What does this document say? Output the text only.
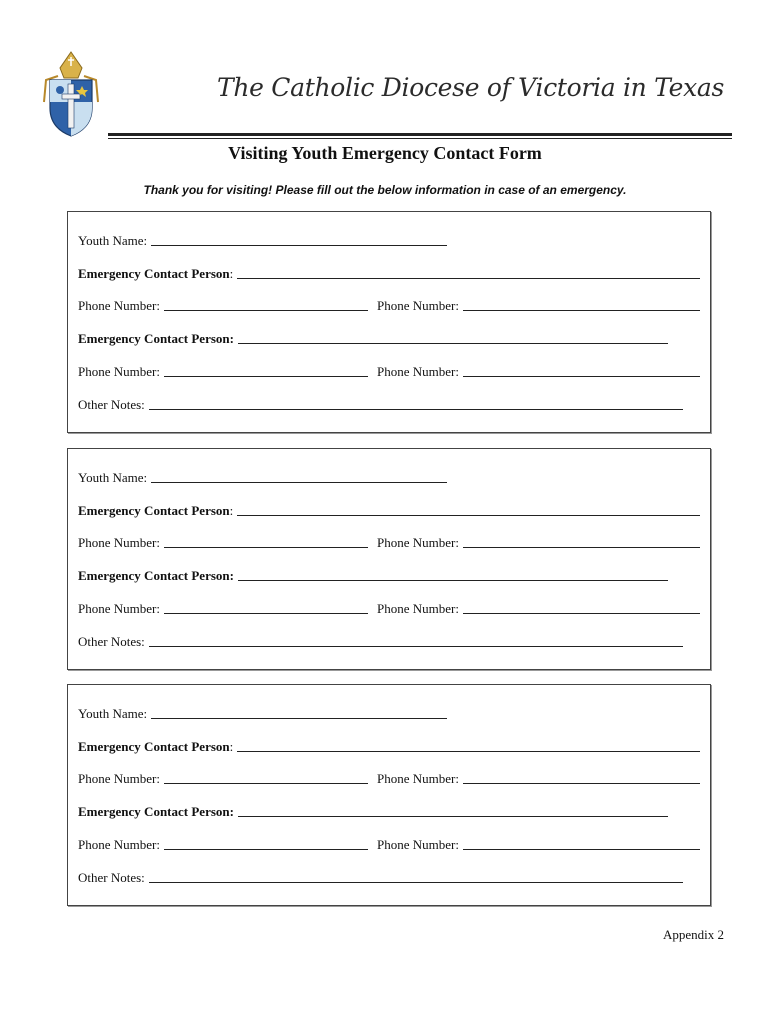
The Catholic Diocese of Victoria in Texas
Visiting Youth Emergency Contact Form
Thank you for visiting! Please fill out the below information in case of an emergency.
Youth Name:
Emergency Contact Person :
Phone Number:	Phone Number:
Emergency Contact Person:
Phone Number:	Phone Number:
Other Notes:
Youth Name:
Emergency Contact Person :
Phone Number:	Phone Number:
Emergency Contact Person:
Phone Number:	Phone Number:
Other Notes:
Youth Name:
Emergency Contact Person :
Phone Number:	Phone Number:
Emergency Contact Person:
Phone Number:	Phone Number:
Other Notes:
Appendix 2
